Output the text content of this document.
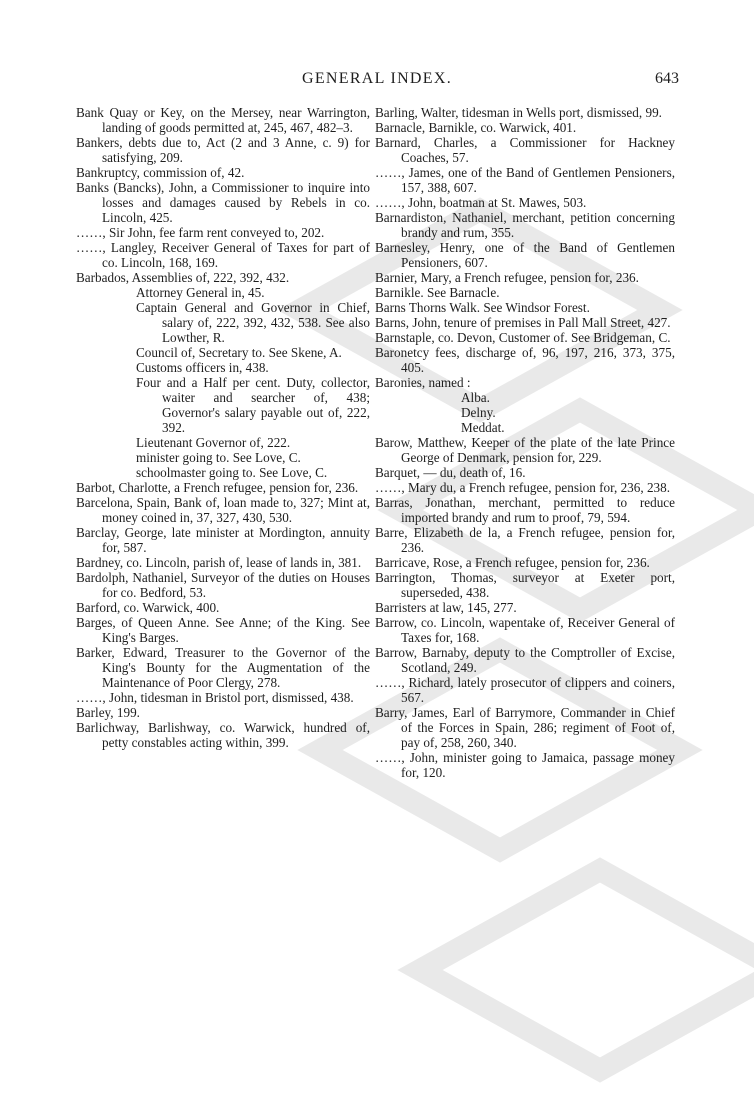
GENERAL INDEX.	643

Bank Quay or Key, on the Mersey, near Warrington, landing of goods permitted at, 245, 467, 482–3.

Bankers, debts due to, Act (2 and 3 Anne, c. 9) for satisfying, 209.

Bankruptcy, commission of, 42.

Banks (Bancks), John, a Commissioner to inquire into losses and damages caused by Rebels in co. Lincoln, 425.

……, Sir John, fee farm rent conveyed to, 202.

……, Langley, Receiver General of Taxes for part of co. Lincoln, 168, 169.

Barbados, Assemblies of, 222, 392, 432.

Attorney General in, 45.

Captain General and Governor in Chief, salary of, 222, 392, 432, 538. See also Lowther, R.

Council of, Secretary to. See Skene, A.

Customs officers in, 438.

Four and a Half per cent. Duty, collector, waiter and searcher of, 438; Governor's salary payable out of, 222, 392.

Lieutenant Governor of, 222.

minister going to. See Love, C.

schoolmaster going to. See Love, C.

Barbot, Charlotte, a French refugee, pension for, 236.

Barcelona, Spain, Bank of, loan made to, 327; Mint at, money coined in, 37, 327, 430, 530.

Barclay, George, late minister at Mordington, annuity for, 587.

Bardney, co. Lincoln, parish of, lease of lands in, 381.

Bardolph, Nathaniel, Surveyor of the duties on Houses for co. Bedford, 53.

Barford, co. Warwick, 400.

Barges, of Queen Anne. See Anne; of the King. See King's Barges.

Barker, Edward, Treasurer to the Governor of the King's Bounty for the Augmentation of the Maintenance of Poor Clergy, 278.

……, John, tidesman in Bristol port, dismissed, 438.

Barley, 199.

Barlichway, Barlishway, co. Warwick, hundred of, petty constables acting within, 399.

Barling, Walter, tidesman in Wells port, dismissed, 99.

Barnacle, Barnikle, co. Warwick, 401.

Barnard, Charles, a Commissioner for Hackney Coaches, 57.

……, James, one of the Band of Gentlemen Pensioners, 157, 388, 607.

……, John, boatman at St. Mawes, 503.

Barnardiston, Nathaniel, merchant, petition concerning brandy and rum, 355.

Barnesley, Henry, one of the Band of Gentlemen Pensioners, 607.

Barnier, Mary, a French refugee, pension for, 236.

Barnikle. See Barnacle.

Barns Thorns Walk. See Windsor Forest.

Barns, John, tenure of premises in Pall Mall Street, 427.

Barnstaple, co. Devon, Customer of. See Bridgeman, C.

Baronetcy fees, discharge of, 96, 197, 216, 373, 375, 405.

Baronies, named :

Alba.

Delny.

Meddat.

Barow, Matthew, Keeper of the plate of the late Prince George of Denmark, pension for, 229.

Barquet, — du, death of, 16.

……, Mary du, a French refugee, pension for, 236, 238.

Barras, Jonathan, merchant, permitted to reduce imported brandy and rum to proof, 79, 594.

Barre, Elizabeth de la, a French refugee, pension for, 236.

Barricave, Rose, a French refugee, pension for, 236.

Barrington, Thomas, surveyor at Exeter port, superseded, 438.

Barristers at law, 145, 277.

Barrow, co. Lincoln, wapentake of, Receiver General of Taxes for, 168.

Barrow, Barnaby, deputy to the Comptroller of Excise, Scotland, 249.

……, Richard, lately prosecutor of clippers and coiners, 567.

Barry, James, Earl of Barrymore, Commander in Chief of the Forces in Spain, 286; regiment of Foot of, pay of, 258, 260, 340.

……, John, minister going to Jamaica, passage money for, 120.
